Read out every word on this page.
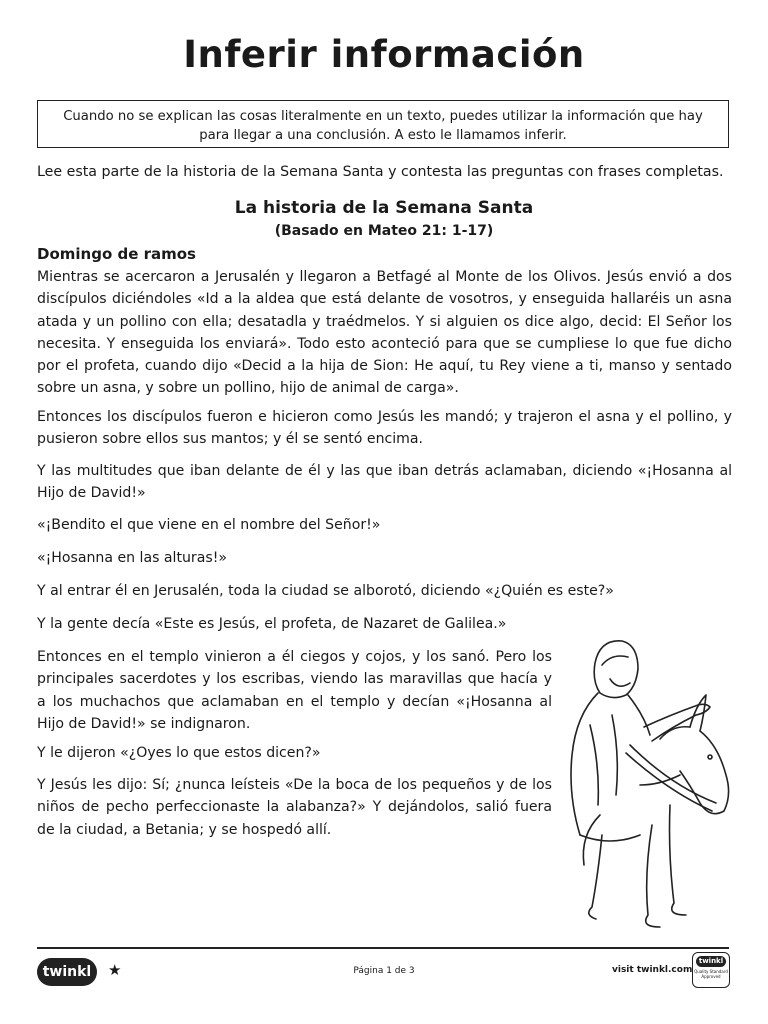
Inferir información
Cuando no se explican las cosas literalmente en un texto, puedes utilizar la información que hay para llegar a una conclusión. A esto le llamamos inferir.
Lee esta parte de la historia de la Semana Santa y contesta las preguntas con frases completas.
La historia de la Semana Santa
(Basado en Mateo 21: 1-17)
Domingo de ramos

Mientras se acercaron a Jerusalén y llegaron a Betfagé al Monte de los Olivos. Jesús envió a dos discípulos diciéndoles «Id a la aldea que está delante de vosotros, y enseguida hallaréis un asna atada y un pollino con ella; desatadla y traédmelos. Y si alguien os dice algo, decid: El Señor los necesita. Y enseguida los enviará». Todo esto aconteció para que se cumpliese lo que fue dicho por el profeta, cuando dijo «Decid a la hija de Sion: He aquí, tu Rey viene a ti, manso y sentado sobre un asna, y sobre un pollino, hijo de animal de carga».

Entonces los discípulos fueron e hicieron como Jesús les mandó; y trajeron el asna y el pollino, y pusieron sobre ellos sus mantos; y él se sentó encima.

Y las multitudes que iban delante de él y las que iban detrás aclamaban, diciendo «¡Hosanna al Hijo de David!»

«¡Bendito el que viene en el nombre del Señor!»

«¡Hosanna en las alturas!»

Y al entrar él en Jerusalén, toda la ciudad se alborotó, diciendo «¿Quién es este?»

Y la gente decía «Este es Jesús, el profeta, de Nazaret de Galilea.»

Entonces en el templo vinieron a él ciegos y cojos, y los sanó. Pero los principales sacerdotes y los escribas, viendo las maravillas que hacía y a los muchachos que aclamaban en el templo y decían «¡Hosanna al Hijo de David!» se indignaron.

Y le dijeron «¿Oyes lo que estos dicen?»

Y Jesús les dijo: Sí; ¿nunca leísteis «De la boca de los pequeños y de los niños de pecho perfeccionaste la alabanza?» Y dejándolos, salió fuera de la ciudad, a Betania; y se hospedó allí.

twinkl	★	Página 1 de 3	visit twinkl.com
twinkl
Quality Standard Approved
